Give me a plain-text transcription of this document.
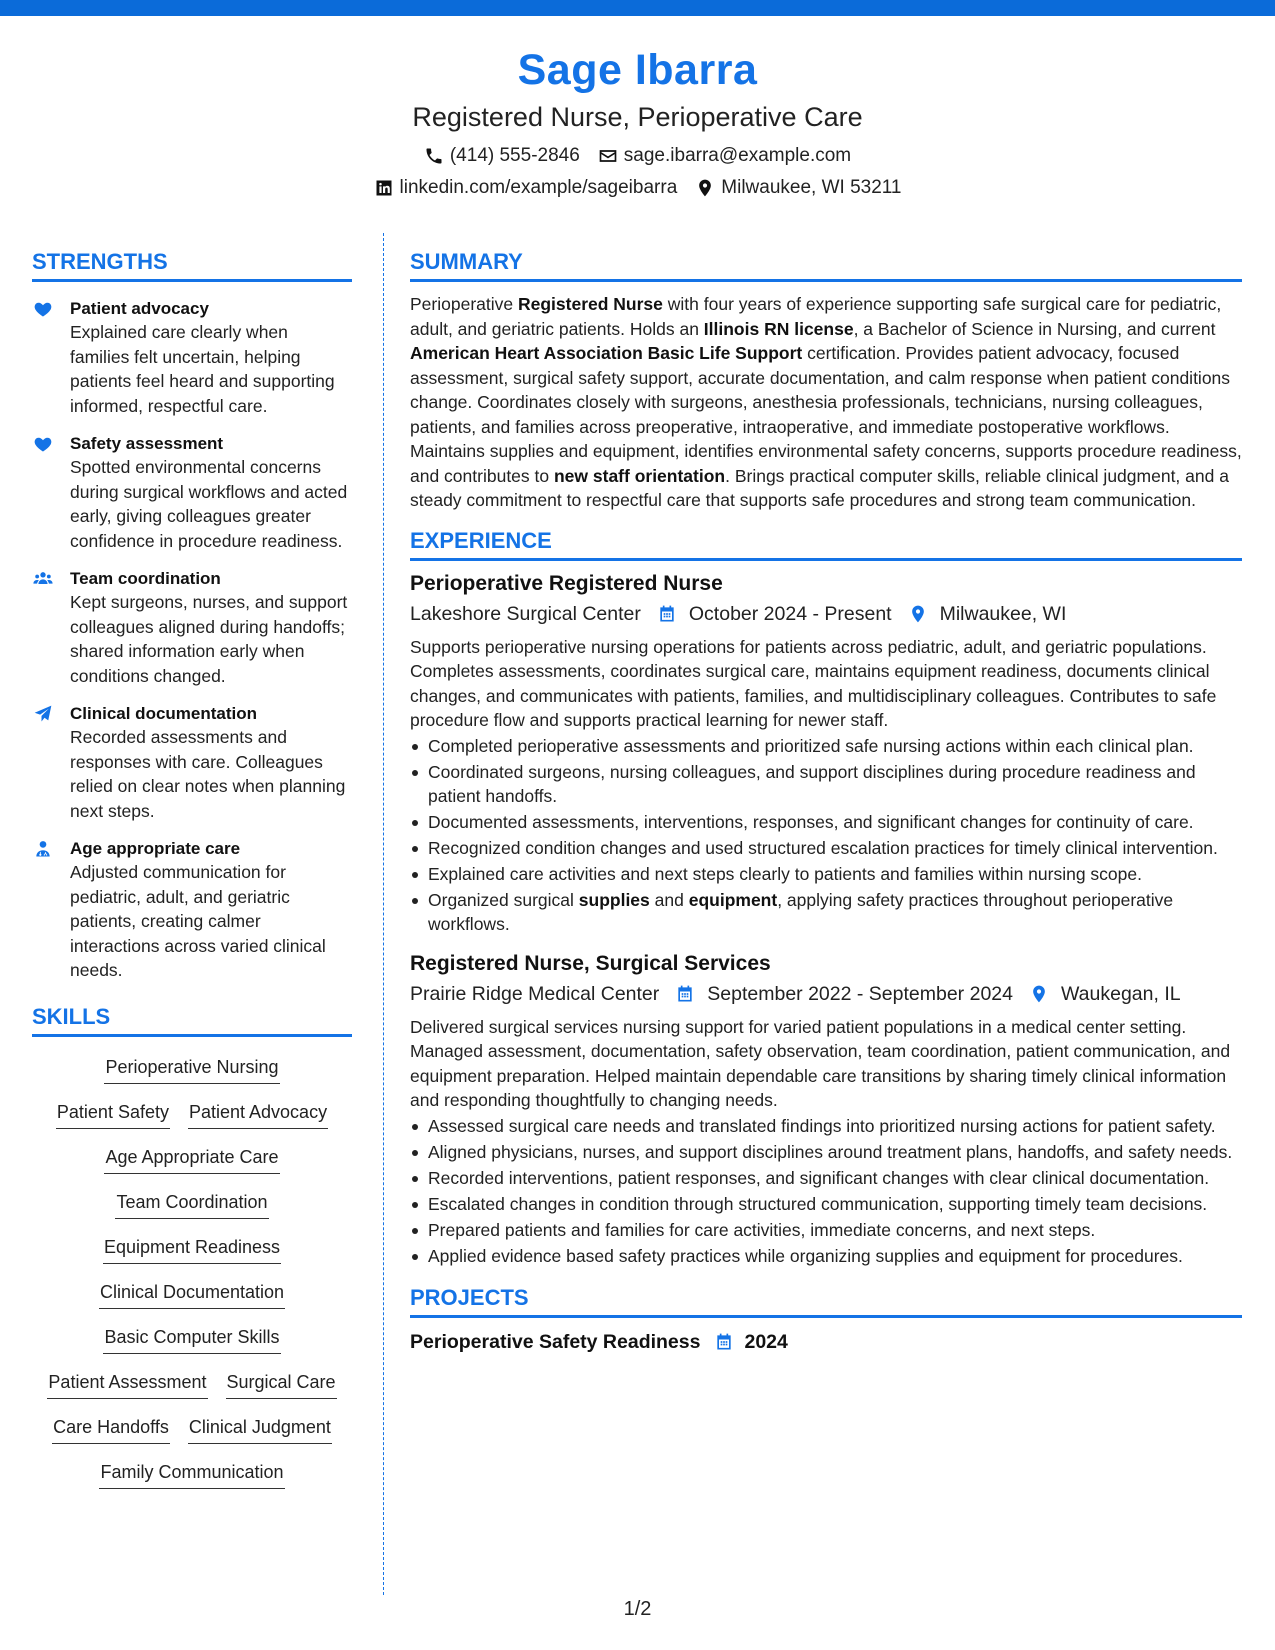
Sage Ibarra
Registered Nurse, Perioperative Care
(414) 555-2846 sage.ibarra@example.com
linkedin.com/example/sageibarra Milwaukee, WI 53211
STRENGTHS
Patient advocacy
Explained care clearly when families felt uncertain, helping patients feel heard and supporting informed, respectful care.
Safety assessment
Spotted environmental concerns during surgical workflows and acted early, giving colleagues greater confidence in procedure readiness.
Team coordination
Kept surgeons, nurses, and support colleagues aligned during handoffs; shared information early when conditions changed.
Clinical documentation
Recorded assessments and responses with care. Colleagues relied on clear notes when planning next steps.
Age appropriate care
Adjusted communication for pediatric, adult, and geriatric patients, creating calmer interactions across varied clinical needs.
SKILLS
Perioperative Nursing
Patient Safety Patient Advocacy
Age Appropriate Care
Team Coordination
Equipment Readiness
Clinical Documentation
Basic Computer Skills
Patient Assessment Surgical Care
Care Handoffs Clinical Judgment
Family Communication
SUMMARY
Perioperative Registered Nurse with four years of experience supporting safe surgical care for pediatric, adult, and geriatric patients. Holds an Illinois RN license, a Bachelor of Science in Nursing, and current American Heart Association Basic Life Support certification. Provides patient advocacy, focused assessment, surgical safety support, accurate documentation, and calm response when patient conditions change. Coordinates closely with surgeons, anesthesia professionals, technicians, nursing colleagues, patients, and families across preoperative, intraoperative, and immediate postoperative workflows. Maintains supplies and equipment, identifies environmental safety concerns, supports procedure readiness, and contributes to new staff orientation. Brings practical computer skills, reliable clinical judgment, and a steady commitment to respectful care that supports safe procedures and strong team communication.
EXPERIENCE
Perioperative Registered Nurse
Lakeshore Surgical Center	October 2024 - Present	Milwaukee, WI
Supports perioperative nursing operations for patients across pediatric, adult, and geriatric populations. Completes assessments, coordinates surgical care, maintains equipment readiness, documents clinical changes, and communicates with patients, families, and multidisciplinary colleagues. Contributes to safe procedure flow and supports practical learning for newer staff.
Completed perioperative assessments and prioritized safe nursing actions within each clinical plan.
Coordinated surgeons, nursing colleagues, and support disciplines during procedure readiness and patient handoffs.
Documented assessments, interventions, responses, and significant changes for continuity of care.
Recognized condition changes and used structured escalation practices for timely clinical intervention.
Explained care activities and next steps clearly to patients and families within nursing scope.
Organized surgical supplies and equipment, applying safety practices throughout perioperative workflows.
Registered Nurse, Surgical Services
Prairie Ridge Medical Center	September 2022 - September 2024	Waukegan, IL
Delivered surgical services nursing support for varied patient populations in a medical center setting. Managed assessment, documentation, safety observation, team coordination, patient communication, and equipment preparation. Helped maintain dependable care transitions by sharing timely clinical information and responding thoughtfully to changing needs.
Assessed surgical care needs and translated findings into prioritized nursing actions for patient safety.
Aligned physicians, nurses, and support disciplines around treatment plans, handoffs, and safety needs.
Recorded interventions, patient responses, and significant changes with clear clinical documentation.
Escalated changes in condition through structured communication, supporting timely team decisions.
Prepared patients and families for care activities, immediate concerns, and next steps.
Applied evidence based safety practices while organizing supplies and equipment for procedures.
PROJECTS
Perioperative Safety Readiness 2024
1/2
